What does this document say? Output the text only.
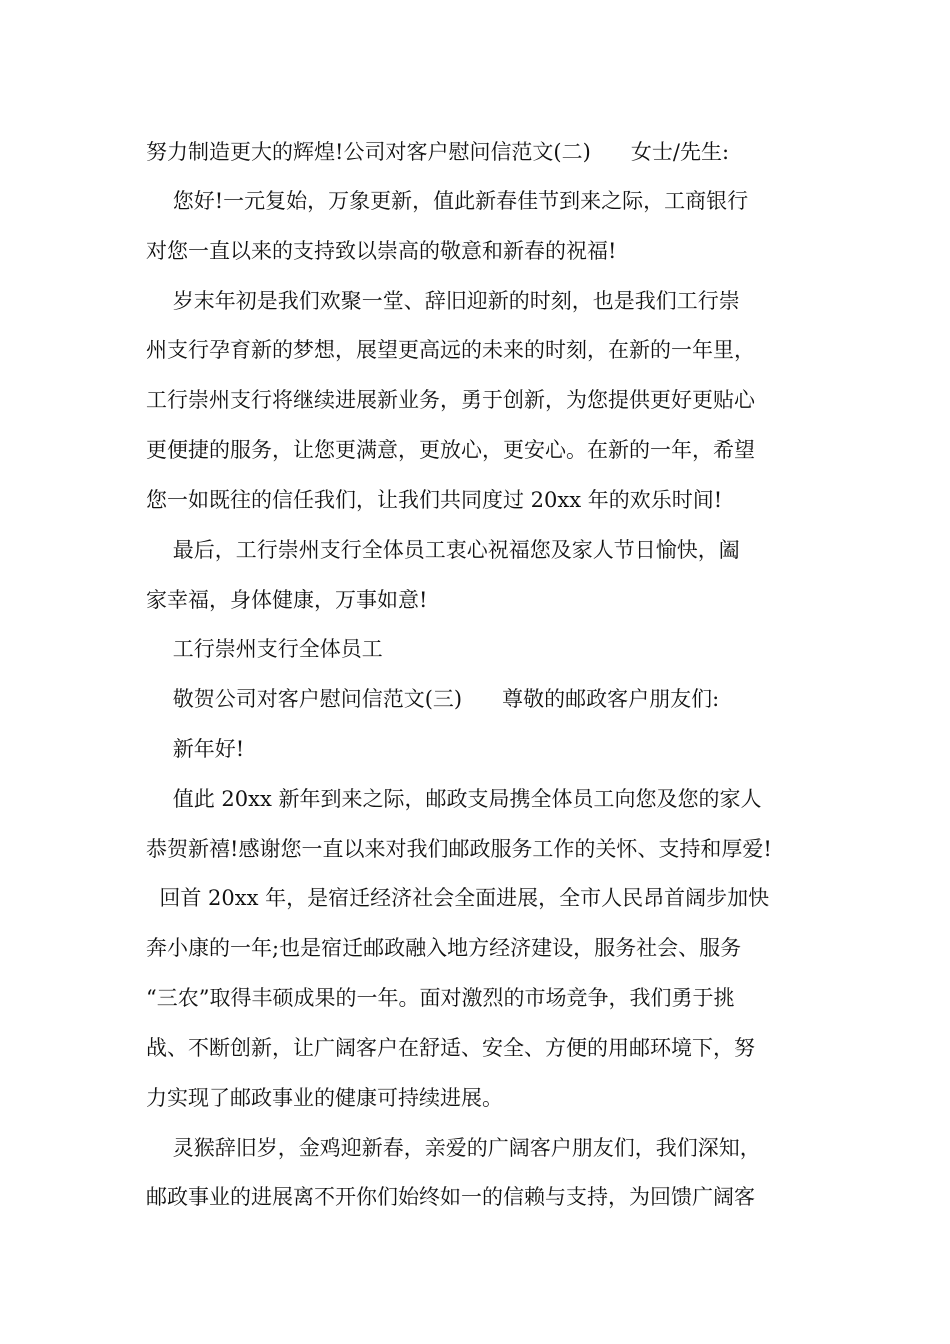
努力制造更大的辉煌!公司对客户慰问信范文(二)      女士/先生:
您好!一元复始，万象更新，值此新春佳节到来之际，工商银行
对您一直以来的支持致以崇高的敬意和新春的祝福!
岁末年初是我们欢聚一堂、辞旧迎新的时刻，也是我们工行崇
州支行孕育新的梦想，展望更高远的未来的时刻，在新的一年里，
工行崇州支行将继续进展新业务，勇于创新，为您提供更好更贴心
更便捷的服务，让您更满意，更放心，更安心。在新的一年，希望
您一如既往的信任我们，让我们共同度过 20xx 年的欢乐时间!
最后，工行崇州支行全体员工衷心祝福您及家人节日愉快，阖
家幸福，身体健康，万事如意!
工行崇州支行全体员工
敬贺公司对客户慰问信范文(三)      尊敬的邮政客户朋友们:
新年好!
值此 20xx 新年到来之际，邮政支局携全体员工向您及您的家人
恭贺新禧!感谢您一直以来对我们邮政服务工作的关怀、支持和厚爱!
回首 20xx 年，是宿迁经济社会全面进展，全市人民昂首阔步加快
奔小康的一年;也是宿迁邮政融入地方经济建设，服务社会、服务
“三农”取得丰硕成果的一年。面对激烈的市场竞争，我们勇于挑
战、不断创新，让广阔客户在舒适、安全、方便的用邮环境下，努
力实现了邮政事业的健康可持续进展。
灵猴辞旧岁，金鸡迎新春，亲爱的广阔客户朋友们，我们深知，
邮政事业的进展离不开你们始终如一的信赖与支持，为回馈广阔客
